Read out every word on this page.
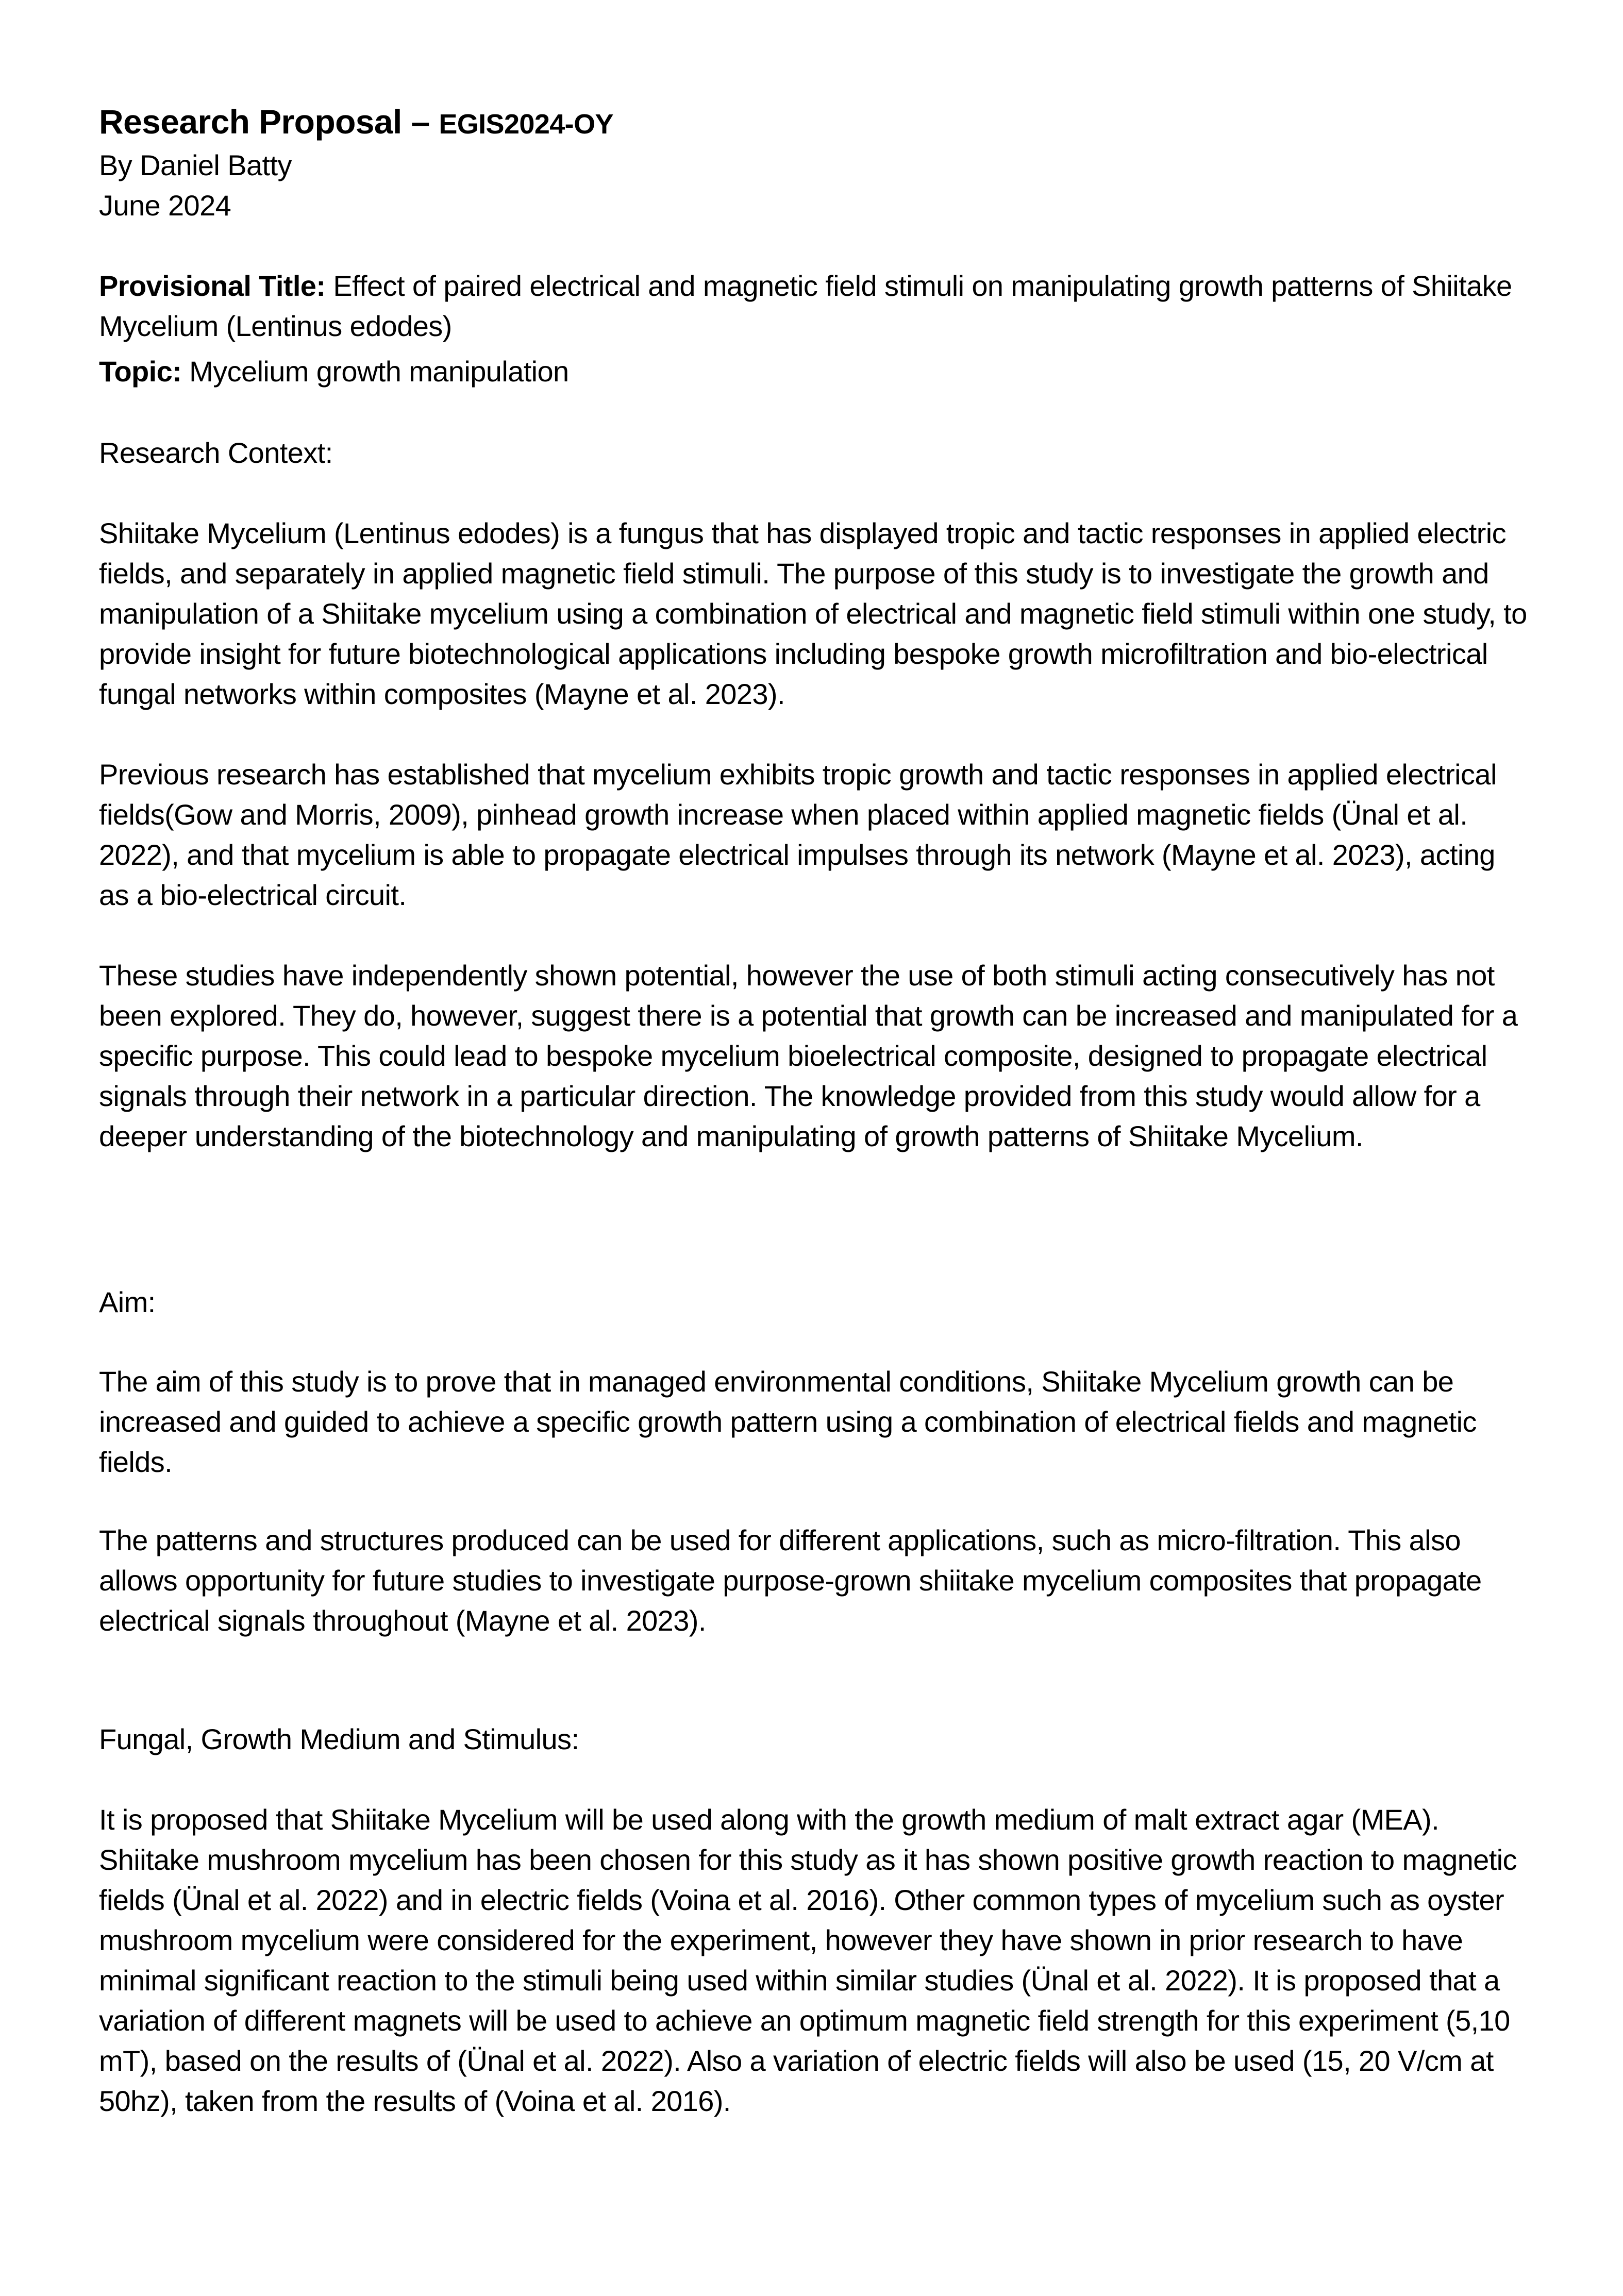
Research Proposal – EGIS2024-OY
By Daniel Batty
June 2024

Provisional Title: Effect of paired electrical and magnetic field stimuli on manipulating growth patterns of Shiitake Mycelium (Lentinus edodes)

Topic: Mycelium growth manipulation

Research Context:

Shiitake Mycelium (Lentinus edodes) is a fungus that has displayed tropic and tactic responses in applied electric fields, and separately in applied magnetic field stimuli. The purpose of this study is to investigate the growth and manipulation of a Shiitake mycelium using a combination of electrical and magnetic field stimuli within one study, to provide insight for future biotechnological applications including bespoke growth microfiltration and bio-electrical fungal networks within composites (Mayne et al. 2023).

Previous research has established that mycelium exhibits tropic growth and tactic responses in applied electrical fields(Gow and Morris, 2009), pinhead growth increase when placed within applied magnetic fields (Ünal et al. 2022), and that mycelium is able to propagate electrical impulses through its network (Mayne et al. 2023), acting as a bio-electrical circuit.

These studies have independently shown potential, however the use of both stimuli acting consecutively has not been explored. They do, however, suggest there is a potential that growth can be increased and manipulated for a specific purpose. This could lead to bespoke mycelium bioelectrical composite, designed to propagate electrical signals through their network in a particular direction. The knowledge provided from this study would allow for a deeper understanding of the biotechnology and manipulating of growth patterns of Shiitake Mycelium.

Aim:

The aim of this study is to prove that in managed environmental conditions, Shiitake Mycelium growth can be increased and guided to achieve a specific growth pattern using a combination of electrical fields and magnetic fields.

The patterns and structures produced can be used for different applications, such as micro-filtration. This also allows opportunity for future studies to investigate purpose-grown shiitake mycelium composites that propagate electrical signals throughout (Mayne et al. 2023).

Fungal, Growth Medium and Stimulus:

It is proposed that Shiitake Mycelium will be used along with the growth medium of malt extract agar (MEA). Shiitake mushroom mycelium has been chosen for this study as it has shown positive growth reaction to magnetic fields (Ünal et al. 2022) and in electric fields (Voina et al. 2016). Other common types of mycelium such as oyster mushroom mycelium were considered for the experiment, however they have shown in prior research to have minimal significant reaction to the stimuli being used within similar studies (Ünal et al. 2022). It is proposed that a variation of different magnets will be used to achieve an optimum magnetic field strength for this experiment (5,10 mT), based on the results of (Ünal et al. 2022). Also a variation of electric fields will also be used (15, 20 V/cm at 50hz), taken from the results of (Voina et al. 2016).
